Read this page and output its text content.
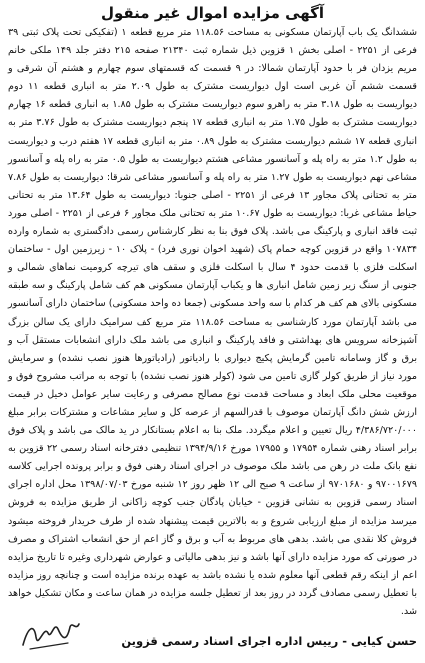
آگهی مزایده اموال غیر منقول

ششدانگ یک باب آپارتمان مسکونی به مساحت ۱۱۸.۵۶ متر مربع قطعه ۱ (تفکیکی تحت پلاک ثبتی ۳۹ فرعی از ۲۲۵۱ - اصلی بخش ۱ قزوین ذیل شماره ثبت ۲۱۳۴۰ صفحه ۲۱۵ دفتر جلد ۱۴۹ ملکی خانم مریم یزدان فر با حدود آپارتمان شمالا: در ۹ قسمت که قسمتهای سوم چهارم و هشتم آن شرقی و قسمت ششم آن غربی است اول دیواریست مشترک به طول ۲.۰۹ متر به انباری قطعه ۱۱ دوم دیواریست به طول ۳.۱۸ متر به راهرو سوم دیواریست مشترک به طول ۱.۸۵ به انباری قطعه ۱۶ چهارم دیواریست مشترک به طول ۱.۷۵ متر به انباری قطعه ۱۷ پنجم دیواریست مشترک به طول ۳.۷۶ متر به انباری قطعه ۱۷ ششم دیواریست مشترک به طول ۰.۸۹ متر به انباری قطعه ۱۷ هفتم درب و دیواریست به طول ۱.۲ متر به راه پله و آسانسور مشاعی هشتم دیواریست به طول ۰.۵ متر به راه پله و آسانسور مشاعی نهم دیواریست به طول ۱.۲۷ متر به راه پله و آسانسور مشاعی شرقا: دیواریست به طول ۷.۸۶ متر به تحتانی پلاک مجاور ۱۳ فرعی از ۲۲۵۱ - اصلی جنوبا: دیواریست به طول ۱۳.۶۴ متر به تحتانی حیاط مشاعی غربا: دیواریست به طول ۱۰.۶۷ متر به تحتانی ملک مجاور ۶ فرعی از ۲۲۵۱ - اصلی مورد ثبت فاقد انباری و پارکینگ می باشد. پلاک فوق بنا به نظر کارشناس رسمی دادگستری به شماره وارده ۱۰۷۸۳۴ واقع در قزوین کوچه حمام پاک (شهید اخوان نوری فرد) - پلاک ۱۰ - زیرزمین اول - ساختمان اسکلت فلزی با قدمت حدود ۴ سال با اسکلت فلزی و سقف های تیرچه کرومیت نماهای شمالی و جنوبی از سنگ زیر زمین شامل انباری ها و یکباب آپارتمان مسکونی هم کف شامل پارکینگ و سه طبقه مسکونی بالای هم کف هر کدام با سه واحد مسکونی (جمعا ده واحد مسکونی) ساختمان دارای آسانسور می باشد آپارتمان مورد کارشناسی به مساحت ۱۱۸.۵۶ متر مربع کف سرامیک دارای یک سالن بزرگ آشپزخانه سرویس های بهداشتی و فاقد پارکینگ و انباری می باشد ملک دارای انشعابات مستقل آب و برق و گاز وسامانه تامین گرمایش پکیج دیواری با رادیاتور (رادیاتورها هنوز نصب نشده) و سرمایش مورد نیاز از طریق کولر گازی تامین می شود (کولر هنوز نصب نشده) با توجه به مراتب مشروح فوق و موقعیت محلی ملک ابعاد و مساحت قدمت نوع مصالح مصرفی و رعایت سایر عوامل دخیل در قیمت ارزش شش دانگ آپارتمان موصوف با قدرالسهم از عرصه کل و سایر مشاعات و مشترکات برابر مبلغ ۴/۳۸۶/۷۲۰/۰۰۰ ریال تعیین و اعلام میگردد. ملک بنا به اعلام بستانکار در ید مالک می باشد و پلاک فوق برابر اسناد رهنی شماره ۱۷۹۵۴ و ۱۷۹۵۵ مورخ ۱۳۹۴/۹/۱۶ تنظیمی دفترخانه اسناد رسمی ۲۲ قزوین به نفع بانک ملت در رهن می باشد ملک موصوف در اجرای اسناد رهنی فوق و برابر پرونده اجرایی کلاسه ۹۷۰۰۱۶۷۹ و ۹۷۰۱۶۸۰ از ساعت ۹ صبح الی ۱۲ ظهر روز ۱۲ شنبه مورخ ۱۳۹۸/۰۷/۰۳ محل اداره اجرای اسناد رسمی قزوین به نشانی قزوین - خیابان پادگان جنب کوچه زاکانی از طریق مزایده به فروش میرسد مزایده از مبلغ ارزیابی شروع و به بالاترین قیمت پیشنهاد شده از طرف خریدار فروخته میشود فروش کلا نقدی می باشد. بدهی های مربوط به آب و برق و گاز اعم از حق انشعاب اشتراک و مصرف در صورتی که مورد مزایده دارای آنها باشد و نیز بدهی مالیاتی و عوارض شهرداری وغیره تا تاریخ مزایده اعم از اینکه رقم قطعی آنها معلوم شده یا نشده باشد به عهده برنده مزایده است و چنانچه روز مزایده با تعطیل رسمی مصادف گردد در روز بعد از تعطیل جلسه مزایده در همان ساعت و مکان تشکیل خواهد شد.

حسن کیایی - رییس اداره اجرای اسناد رسمی قزوین
